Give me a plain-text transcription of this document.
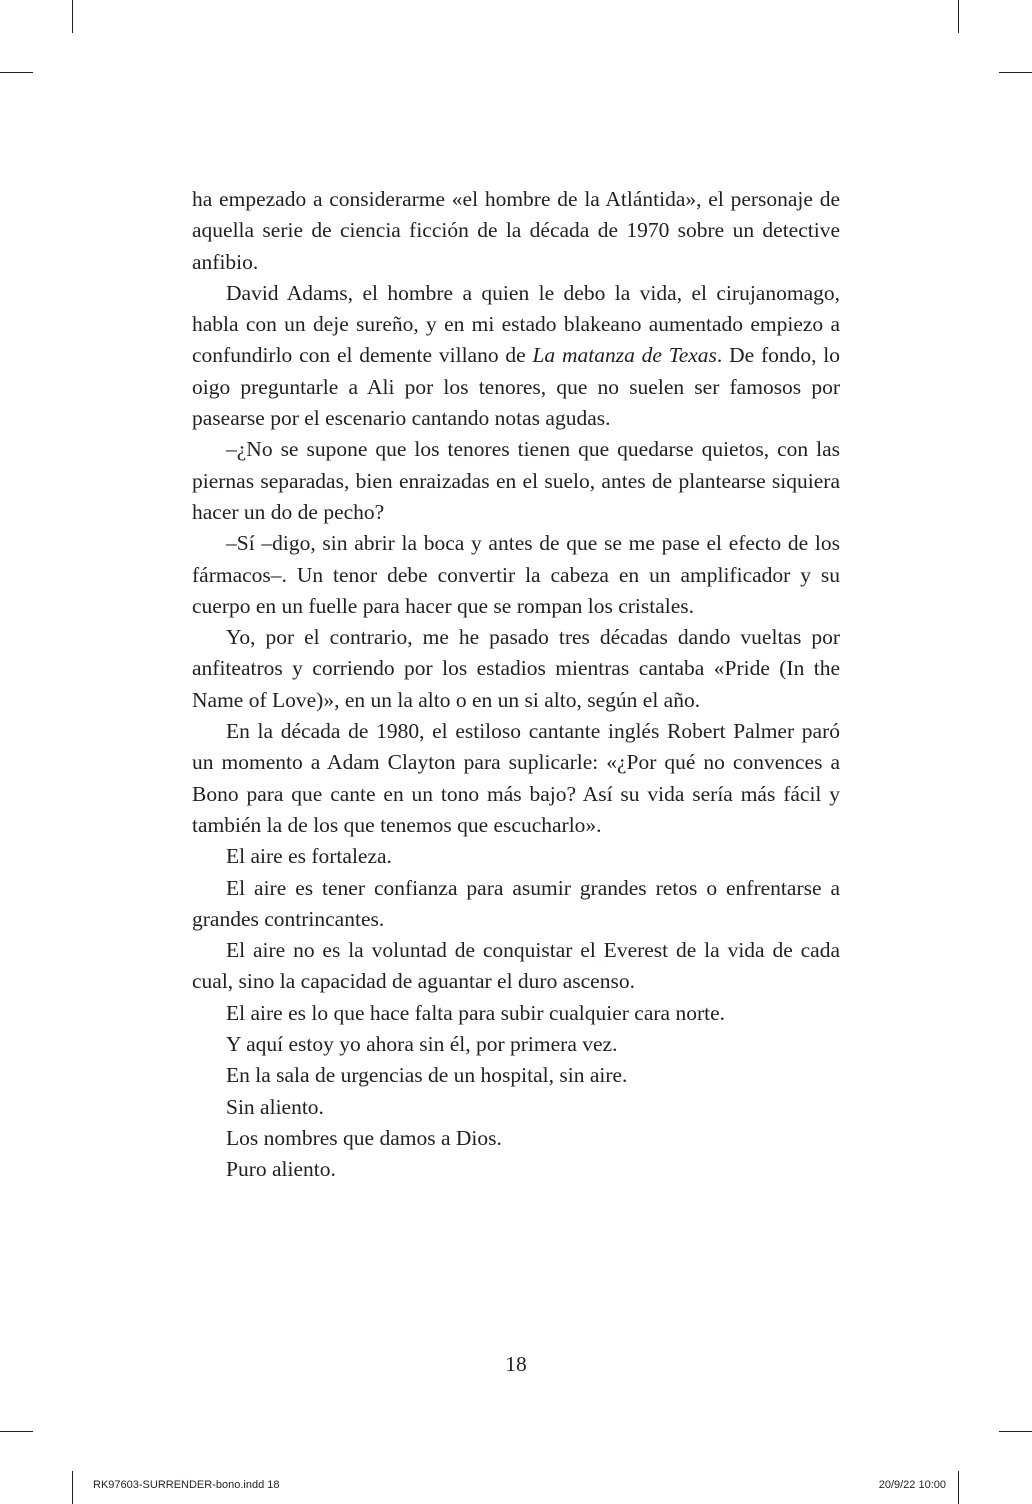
ha empezado a considerarme «el hombre de la Atlántida», el personaje de aquella serie de ciencia ficción de la década de 1970 sobre un detective anfibio.

David Adams, el hombre a quien le debo la vida, el cirujanomago, habla con un deje sureño, y en mi estado blakeano aumentado empiezo a confundirlo con el demente villano de La matanza de Texas. De fondo, lo oigo preguntarle a Ali por los tenores, que no suelen ser famosos por pasearse por el escenario cantando notas agudas.

–¿No se supone que los tenores tienen que quedarse quietos, con las piernas separadas, bien enraizadas en el suelo, antes de plantearse siquiera hacer un do de pecho?

–Sí –digo, sin abrir la boca y antes de que se me pase el efecto de los fármacos–. Un tenor debe convertir la cabeza en un amplificador y su cuerpo en un fuelle para hacer que se rompan los cristales.

Yo, por el contrario, me he pasado tres décadas dando vueltas por anfiteatros y corriendo por los estadios mientras cantaba «Pride (In the Name of Love)», en un la alto o en un si alto, según el año.

En la década de 1980, el estiloso cantante inglés Robert Palmer paró un momento a Adam Clayton para suplicarle: «¿Por qué no convences a Bono para que cante en un tono más bajo? Así su vida sería más fácil y también la de los que tenemos que escucharlo».

El aire es fortaleza.

El aire es tener confianza para asumir grandes retos o enfrentarse a grandes contrincantes.

El aire no es la voluntad de conquistar el Everest de la vida de cada cual, sino la capacidad de aguantar el duro ascenso.

El aire es lo que hace falta para subir cualquier cara norte.

Y aquí estoy yo ahora sin él, por primera vez.

En la sala de urgencias de un hospital, sin aire.

Sin aliento.

Los nombres que damos a Dios.

Puro aliento.

18
RK97603-SURRENDER-bono.indd 18	20/9/22 10:00
